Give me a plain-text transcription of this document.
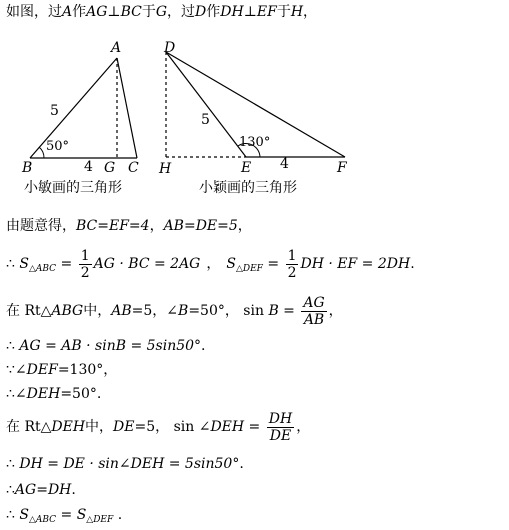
如图，过A作AG⊥BC于G，过D作DH⊥EF于H，
A
B	G C
5
4
50°
小敏画的三角形
D
H	E	F
5
4
130°
小颖画的三角形
由题意得，BC=EF=4，AB=DE=5，
∴ $S_{\triangle ABC} = \frac{1}{2}$ AG · BC = 2AG ， $S_{\triangle DEF} = \frac{1}{2}$ DH · EF = 2DH.
在 Rt△ABG中，AB=5，∠B=50°， $\sin B = \frac{AG}{AB}$ ，
∴ AG = AB · sinB = 5sin50°.
∵∠DEF=130°，
∴∠DEH=50°.
在 Rt△DEH中，DE=5， sin ∠DEH = $\frac{DH}{DE}$ ，
∴ DH = DE · sin∠DEH = 5sin50°.
∴AG=DH.
∴ $S_{\triangle ABC} = S_{\triangle DEF}$ .
